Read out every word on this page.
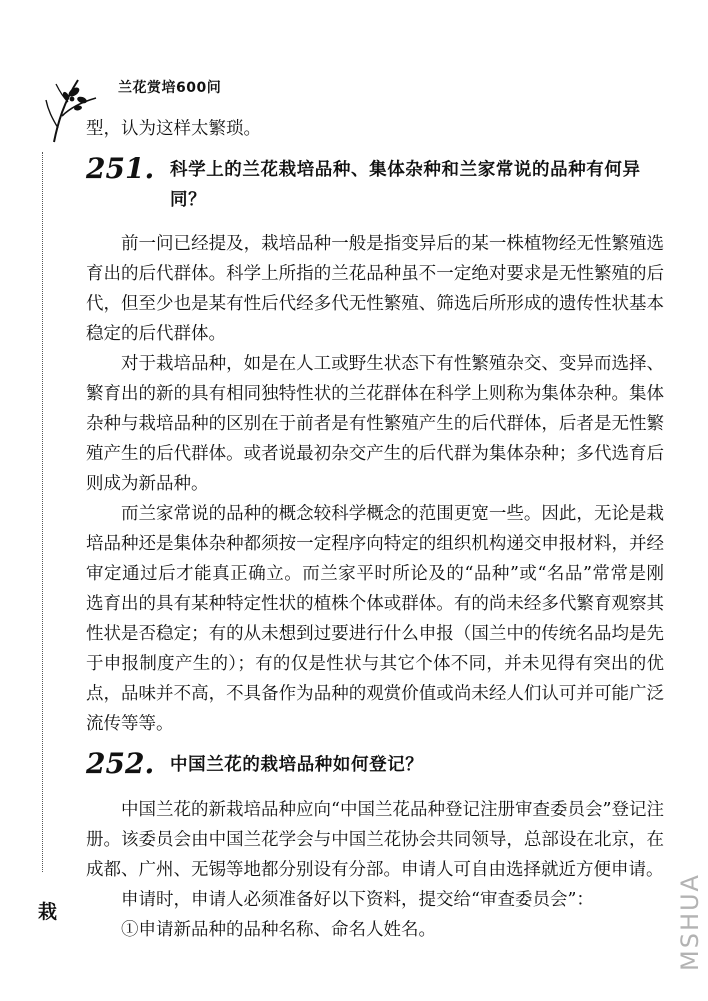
兰花赏培600问
栽

型，认为这样太繁琐。

251. 科学上的兰花栽培品种、集体杂种和兰家常说的品种有何异同？

前一问已经提及，栽培品种一般是指变异后的某一株植物经无性繁殖选育出的后代群体。科学上所指的兰花品种虽不一定绝对要求是无性繁殖的后代，但至少也是某有性后代经多代无性繁殖、筛选后所形成的遗传性状基本稳定的后代群体。

对于栽培品种，如是在人工或野生状态下有性繁殖杂交、变异而选择、繁育出的新的具有相同独特性状的兰花群体在科学上则称为集体杂种。集体杂种与栽培品种的区别在于前者是有性繁殖产生的后代群体，后者是无性繁殖产生的后代群体。或者说最初杂交产生的后代群为集体杂种；多代选育后则成为新品种。

而兰家常说的品种的概念较科学概念的范围更宽一些。因此，无论是栽培品种还是集体杂种都须按一定程序向特定的组织机构递交申报材料，并经审定通过后才能真正确立。而兰家平时所论及的“品种”或“名品”常常是刚选育出的具有某种特定性状的植株个体或群体。有的尚未经多代繁育观察其性状是否稳定；有的从未想到过要进行什么申报（国兰中的传统名品均是先于申报制度产生的）；有的仅是性状与其它个体不同，并未见得有突出的优点，品味并不高，不具备作为品种的观赏价值或尚未经人们认可并可能广泛流传等等。

252. 中国兰花的栽培品种如何登记？

中国兰花的新栽培品种应向“中国兰花品种登记注册审查委员会”登记注册。该委员会由中国兰花学会与中国兰花协会共同领导，总部设在北京，在成都、广州、无锡等地都分别设有分部。申请人可自由选择就近方便申请。

申请时，申请人必须准备好以下资料，提交给“审查委员会”：

①申请新品种的品种名称、命名人姓名。	MSHUA
